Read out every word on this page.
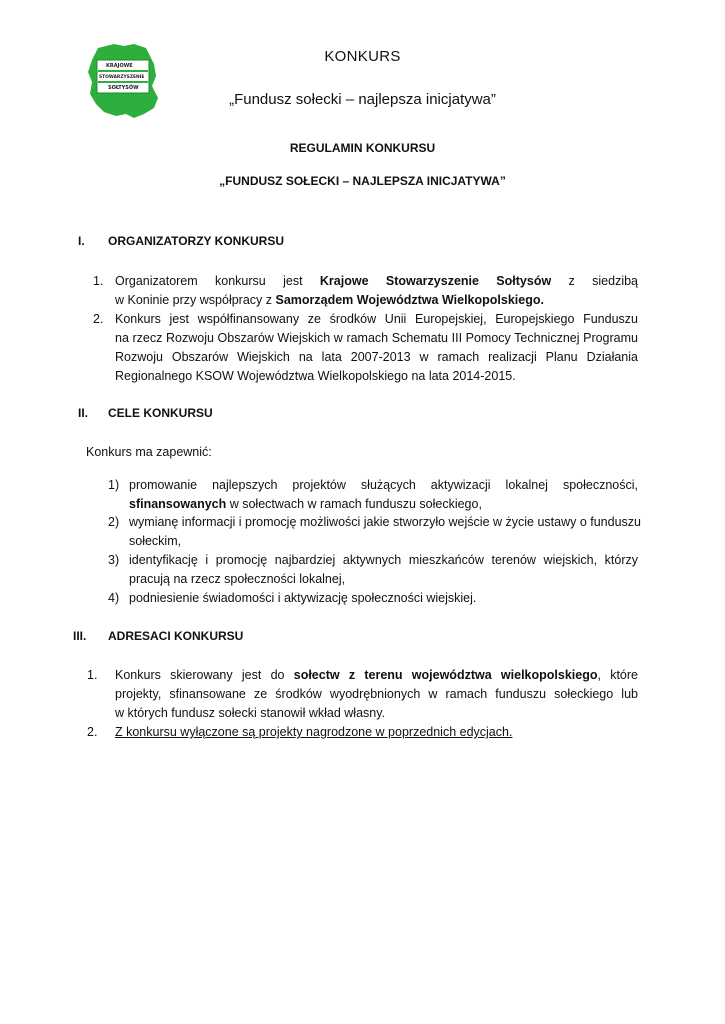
KRAJOWE
STOWARZYSZENIE
SOŁTYSÓW
KONKURS
„Fundusz sołecki – najlepsza inicjatywa”
REGULAMIN KONKURSU
„FUNDUSZ SOŁECKI – NAJLEPSZA INICJATYWA”
I. ORGANIZATORZY KONKURSU
1. Organizatorem konkursu jest Krajowe Stowarzyszenie Sołtysów z siedzibą
w Koninie przy współpracy z Samorządem Województwa Wielkopolskiego.
2. Konkurs jest współfinansowany ze środków Unii Europejskiej, Europejskiego Funduszu
na rzecz Rozwoju Obszarów Wiejskich w ramach Schematu III Pomocy Technicznej Programu
Rozwoju Obszarów Wiejskich na lata 2007-2013 w ramach realizacji Planu Działania
Regionalnego KSOW Województwa Wielkopolskiego na lata 2014-2015.
II. CELE KONKURSU
Konkurs ma zapewnić:
1) promowanie najlepszych projektów służących aktywizacji lokalnej społeczności,
sfinansowanych w sołectwach w ramach funduszu sołeckiego,
2) wymianę informacji i promocję możliwości jakie stworzyło wejście w życie ustawy o funduszu
sołeckim,
3) identyfikację i promocję najbardziej aktywnych mieszkańców terenów wiejskich, którzy
pracują na rzecz społeczności lokalnej,
4) podniesienie świadomości i aktywizację społeczności wiejskiej.
III. ADRESACI KONKURSU
1. Konkurs skierowany jest do sołectw z terenu województwa wielkopolskiego, które
projekty, sfinansowane ze środków wyodrębnionych w ramach funduszu sołeckiego lub
w których fundusz sołecki stanowił wkład własny.
2. Z konkursu wyłączone są projekty nagrodzone w poprzednich edycjach.
